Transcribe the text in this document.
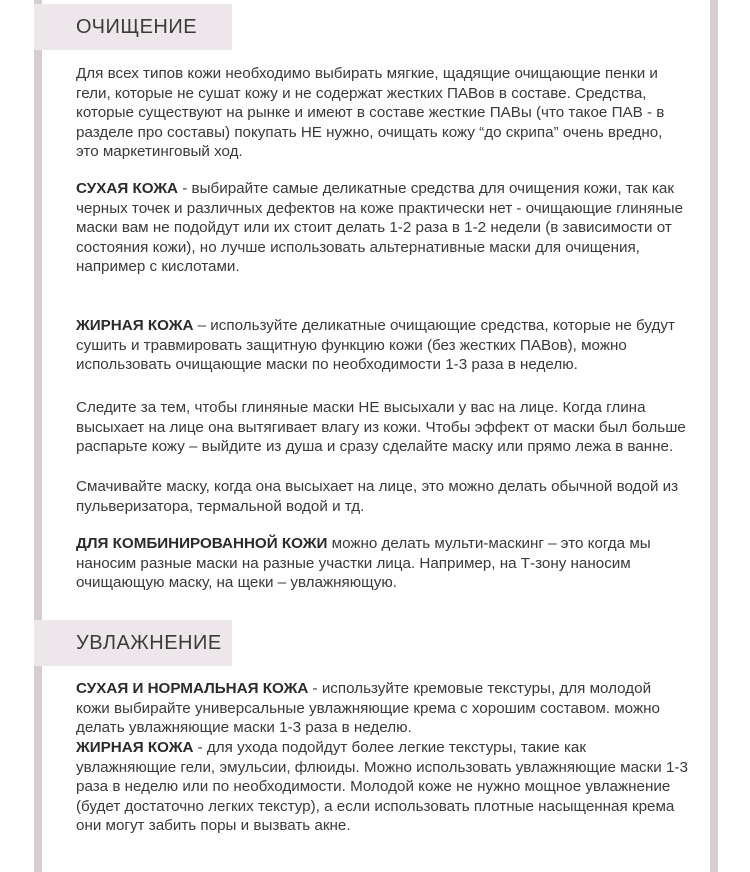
ОЧИЩЕНИЕ

Для всех типов кожи необходимо выбирать мягкие, щадящие очищающие пенки и гели, которые не сушат кожу и не содержат жестких ПАВов в составе. Средства, которые существуют на рынке и имеют в составе жесткие ПАВы (что такое ПАВ - в разделе про составы) покупать НЕ нужно, очищать кожу “до скрипа” очень вредно, это маркетинговый ход.

СУХАЯ КОЖА - выбирайте самые деликатные средства для очищения кожи, так как черных точек и различных дефектов на коже практически нет - очищающие глиняные маски вам не подойдут или их стоит делать 1-2 раза в 1-2 недели (в зависимости от состояния кожи), но лучше использовать альтернативные маски для очищения, например с кислотами.

ЖИРНАЯ КОЖА – используйте деликатные очищающие средства, которые не будут сушить и травмировать защитную функцию кожи (без жестких ПАВов), можно использовать очищающие маски по необходимости 1-3 раза в неделю.

Следите за тем, чтобы глиняные маски НЕ высыхали у вас на лице. Когда глина высыхает на лице она вытягивает влагу из кожи. Чтобы эффект от маски был больше распарьте кожу – выйдите из душа и сразу сделайте маску или прямо лежа в ванне.

Смачивайте маску, когда она высыхает на лице, это можно делать обычной водой из пульверизатора, термальной водой и тд.

ДЛЯ КОМБИНИРОВАННОЙ КОЖИ можно делать мульти-маскинг – это когда мы наносим разные маски на разные участки лица. Например, на Т-зону наносим очищающую маску, на щеки – увлажняющую.

УВЛАЖНЕНИЕ

СУХАЯ И НОРМАЛЬНАЯ КОЖА - используйте кремовые текстуры, для молодой кожи выбирайте универсальные увлажняющие крема с хорошим составом. можно делать увлажняющие маски 1-3 раза в неделю.

ЖИРНАЯ КОЖА - для ухода подойдут более легкие текстуры, такие как увлажняющие гели, эмульсии, флюиды. Можно использовать увлажняющие маски 1-3 раза в неделю или по необходимости. Молодой коже не нужно мощное увлажнение (будет достаточно легких текстур), а если использовать плотные насыщенная крема они могут забить поры и вызвать акне.
